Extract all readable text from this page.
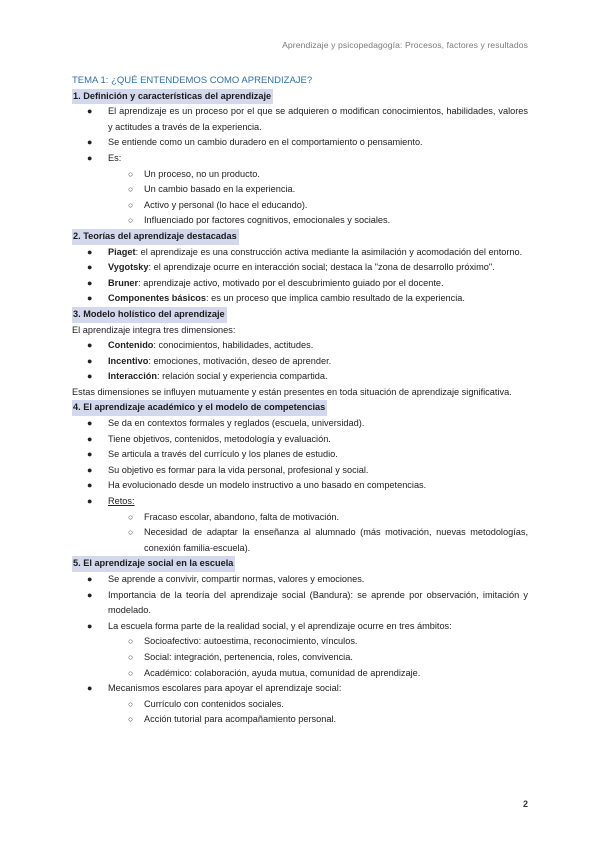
Aprendizaje y psicopedagogía: Procesos, factores y resultados
TEMA 1: ¿QUÉ ENTENDEMOS COMO APRENDIZAJE?
1. Definición y características del aprendizaje
● El aprendizaje es un proceso por el que se adquieren o modifican conocimientos, habilidades, valores y actitudes a través de la experiencia.
● Se entiende como un cambio duradero en el comportamiento o pensamiento.
● Es:
○ Un proceso, no un producto.
○ Un cambio basado en la experiencia.
○ Activo y personal (lo hace el educando).
○ Influenciado por factores cognitivos, emocionales y sociales.
2. Teorías del aprendizaje destacadas
● Piaget: el aprendizaje es una construcción activa mediante la asimilación y acomodación del entorno.
● Vygotsky: el aprendizaje ocurre en interacción social; destaca la "zona de desarrollo próximo".
● Bruner: aprendizaje activo, motivado por el descubrimiento guiado por el docente.
● Componentes básicos: es un proceso que implica cambio resultado de la experiencia.
3. Modelo holístico del aprendizaje
El aprendizaje integra tres dimensiones:
● Contenido: conocimientos, habilidades, actitudes.
● Incentivo: emociones, motivación, deseo de aprender.
● Interacción: relación social y experiencia compartida.
Estas dimensiones se influyen mutuamente y están presentes en toda situación de aprendizaje significativa.
4. El aprendizaje académico y el modelo de competencias
● Se da en contextos formales y reglados (escuela, universidad).
● Tiene objetivos, contenidos, metodología y evaluación.
● Se articula a través del currículo y los planes de estudio.
● Su objetivo es formar para la vida personal, profesional y social.
● Ha evolucionado desde un modelo instructivo a uno basado en competencias.
● Retos:
○ Fracaso escolar, abandono, falta de motivación.
○ Necesidad de adaptar la enseñanza al alumnado (más motivación, nuevas metodologías, conexión familia-escuela).
5. El aprendizaje social en la escuela
● Se aprende a convivir, compartir normas, valores y emociones.
● Importancia de la teoría del aprendizaje social (Bandura): se aprende por observación, imitación y modelado.
● La escuela forma parte de la realidad social, y el aprendizaje ocurre en tres ámbitos:
○ Socioafectivo: autoestima, reconocimiento, vínculos.
○ Social: integración, pertenencia, roles, convivencia.
○ Académico: colaboración, ayuda mutua, comunidad de aprendizaje.
● Mecanismos escolares para apoyar el aprendizaje social:
○ Currículo con contenidos sociales.
○ Acción tutorial para acompañamiento personal.
2
